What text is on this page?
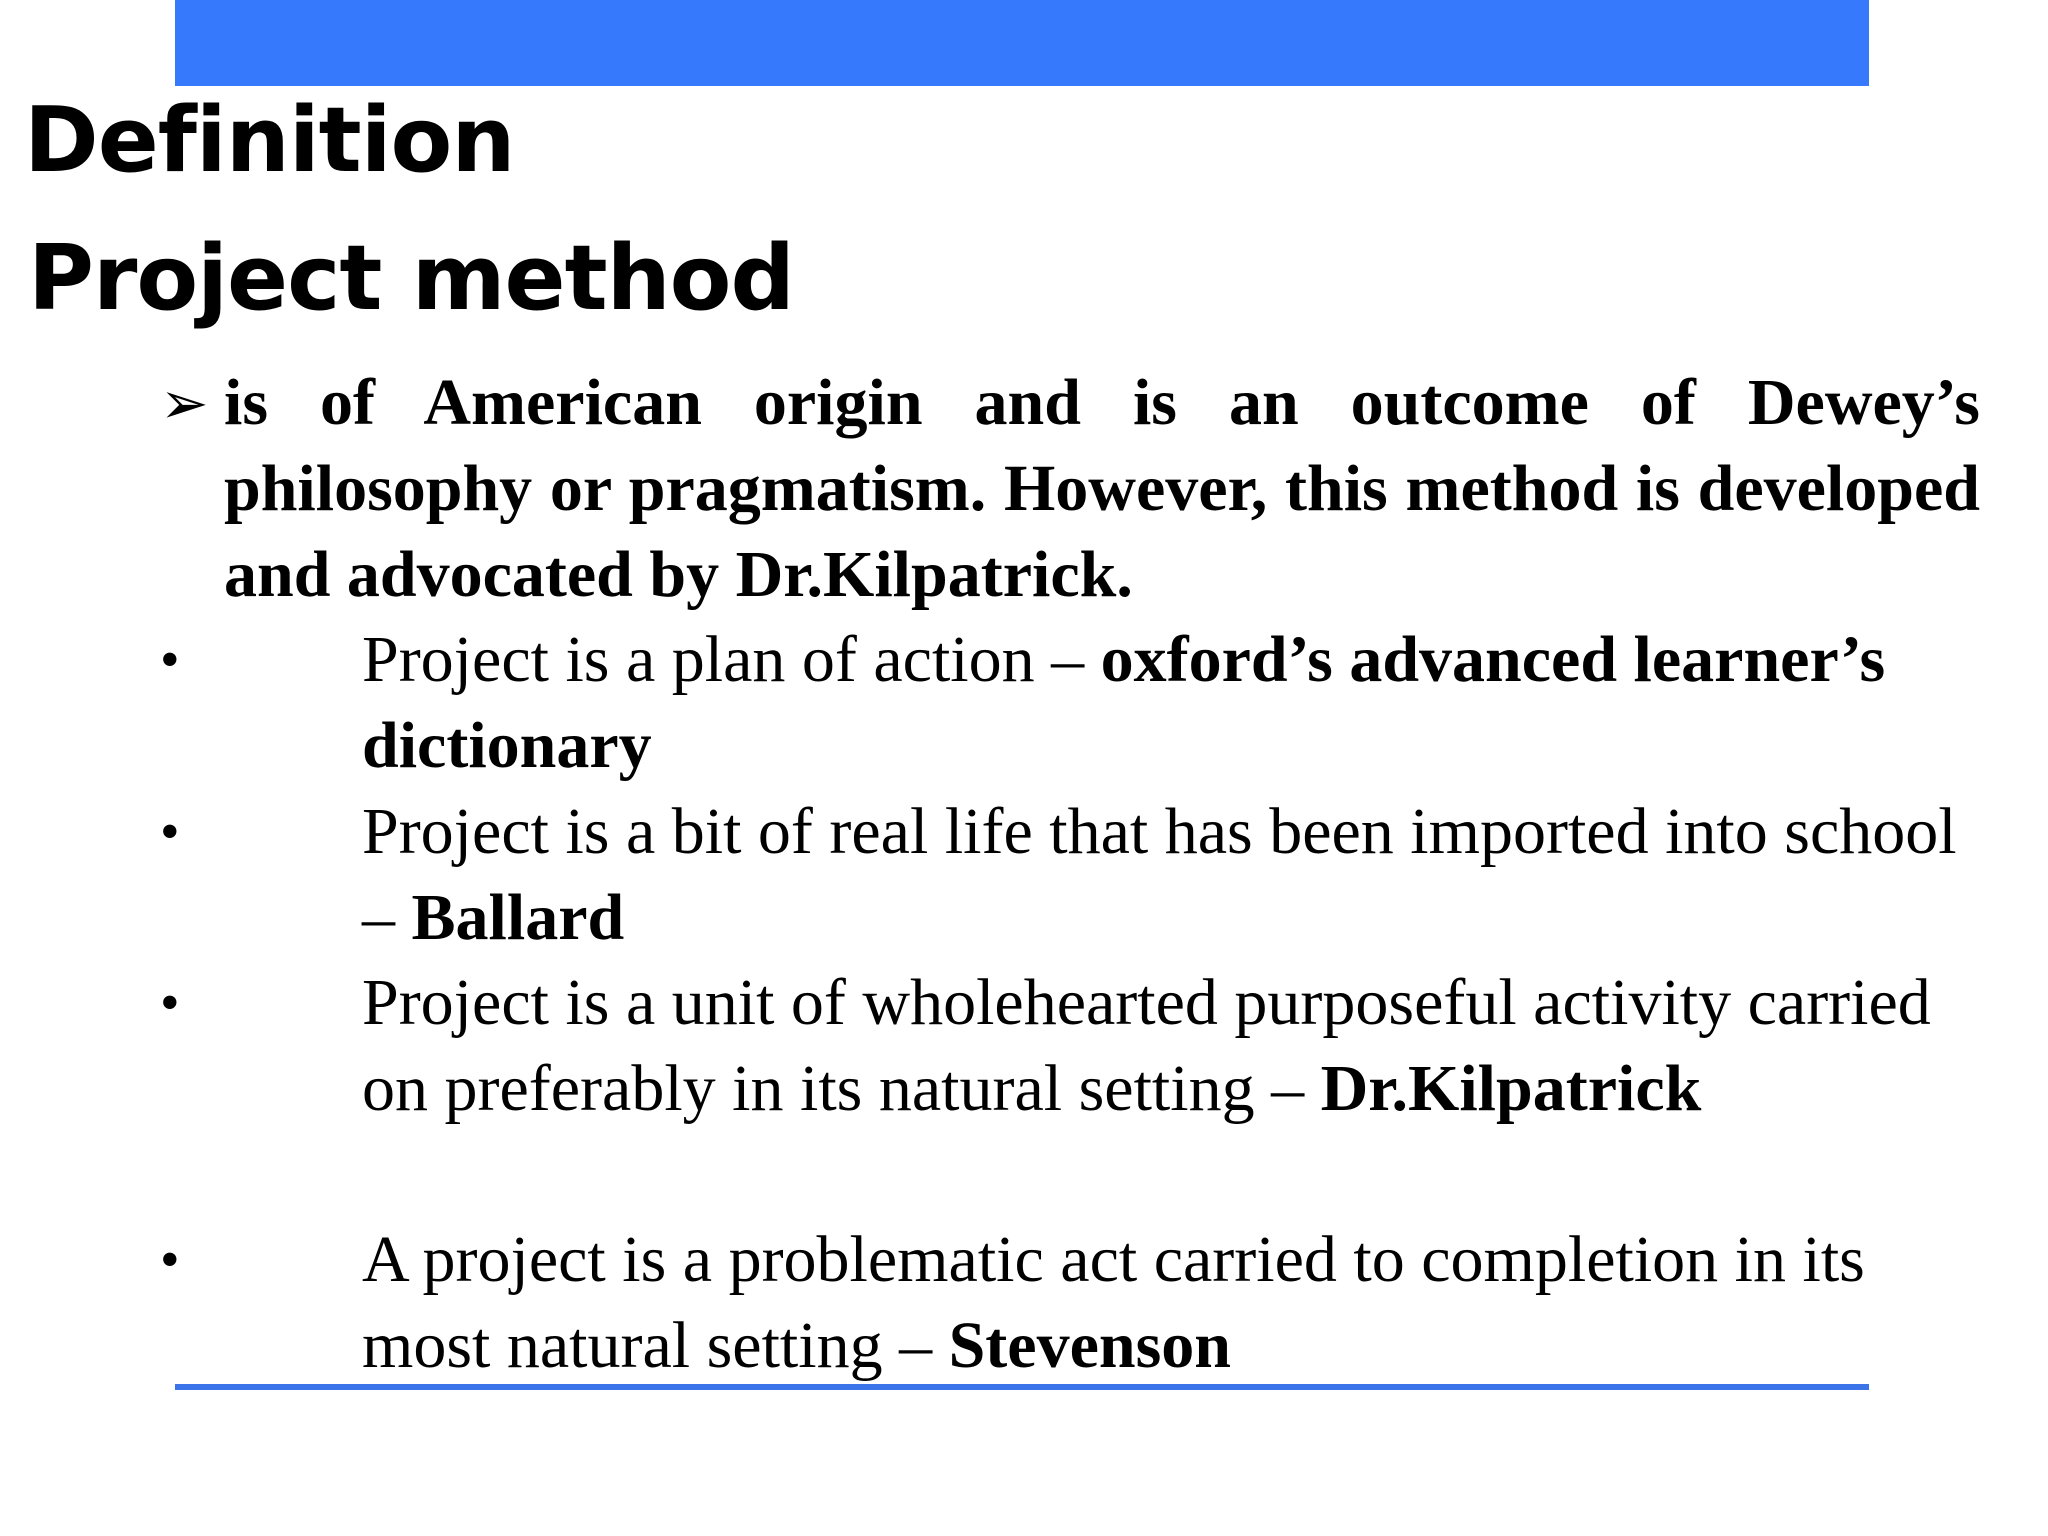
Definition
Project method
➢ is of American origin and is an outcome of Dewey’s philosophy or pragmatism. However, this method is developed and advocated by Dr.Kilpatrick.
•	Project is a plan of action – oxford’s advanced learner’s dictionary
•	Project is a bit of real life that has been imported into school – Ballard
•	Project is a unit of wholehearted purposeful activity carried on preferably in its natural setting – Dr.Kilpatrick
•	A project is a problematic act carried to completion in its most natural setting – Stevenson
